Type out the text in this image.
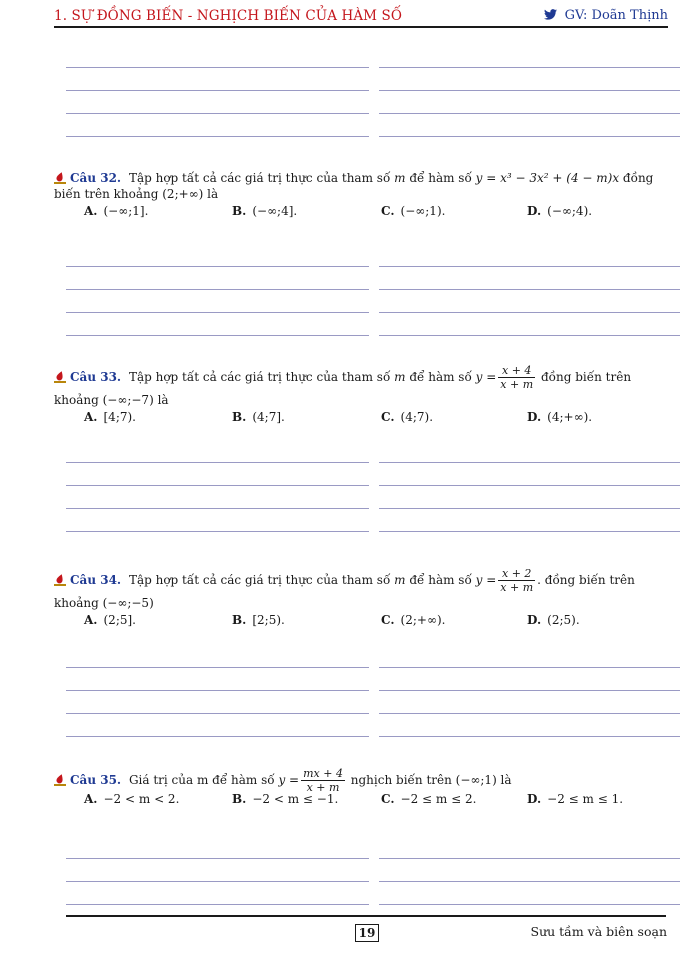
1. SỰ ĐỒNG BIẾN - NGHỊCH BIẾN CỦA HÀM SỐ	GV: Doãn Thịnh
Câu 32. Tập hợp tất cả các giá trị thực của tham số m để hàm số y = x³ − 3x² + (4 − m)x đồng
biến trên khoảng (2;+∞) là
A. (−∞;1].	B. (−∞;4].	C. (−∞;1).	D. (−∞;4).
Câu 33. Tập hợp tất cả các giá trị thực của tham số m để hàm số $y = \frac{x + 4}{x + m}$ đồng biến trên
khoảng (−∞;−7) là
A. [4;7).	B. (4;7].	C. (4;7).	D. (4;+∞).
Câu 34. Tập hợp tất cả các giá trị thực của tham số m để hàm số $y = \frac{x + 2}{x + m}$ . đồng biến trên
khoảng (−∞;−5)
A. (2;5].	B. [2;5).	C. (2;+∞).	D. (2;5).
Câu 35. Giá trị của m để hàm số $y = \frac{mx + 4}{x + m}$ nghịch biến trên (−∞;1) là
A. −2 < m < 2.	B. −2 < m ≤ −1.	C. −2 ≤ m ≤ 2.	D. −2 ≤ m ≤ 1.
19	Sưu tầm và biên soạn
